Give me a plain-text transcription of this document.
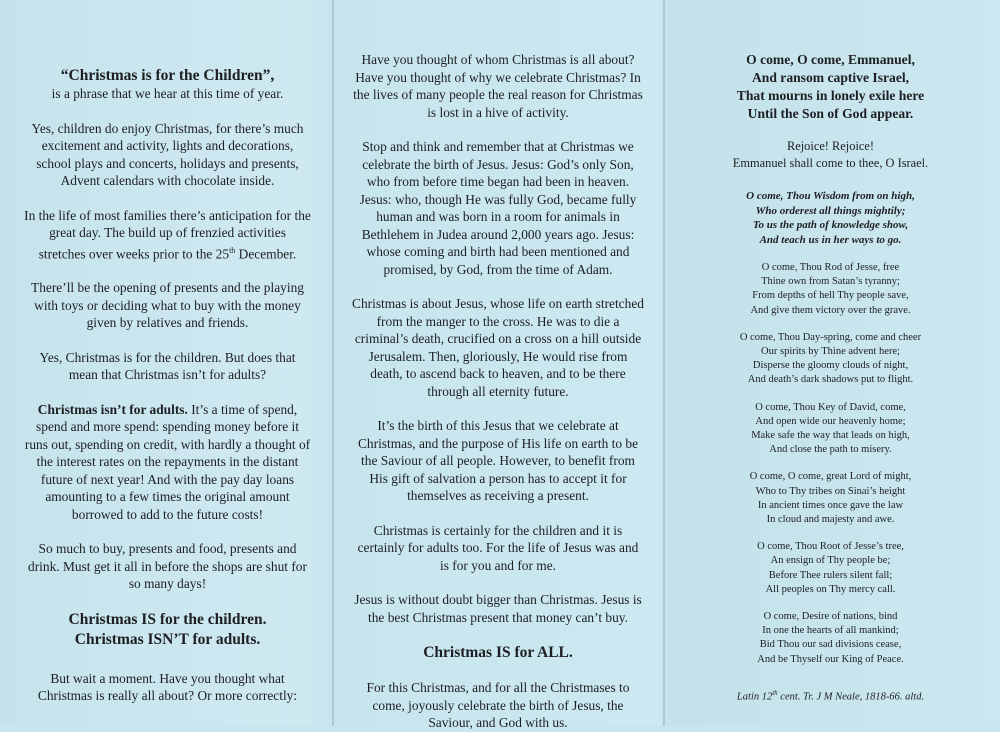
“Christmas is for the Children”,

is a phrase that we hear at this time of year.

Yes, children do enjoy Christmas, for there’s much excitement and activity, lights and decorations, school plays and concerts, holidays and presents, Advent calendars with chocolate inside.

In the life of most families there’s anticipation for the great day. The build up of frenzied activities stretches over weeks prior to the 25th December.

There’ll be the opening of presents and the playing with toys or deciding what to buy with the money given by relatives and friends.

Yes, Christmas is for the children. But does that mean that Christmas isn’t for adults?

Christmas isn’t for adults. It’s a time of spend, spend and more spend: spending money before it runs out, spending on credit, with hardly a thought of the interest rates on the repayments in the distant future of next year! And with the pay day loans amounting to a few times the original amount borrowed to add to the future costs!

So much to buy, presents and food, presents and drink. Must get it all in before the shops are shut for so many days!

Christmas IS for the children.
Christmas ISN’T for adults.

But wait a moment. Have you thought what Christmas is really all about? Or more correctly:

Have you thought of whom Christmas is all about? Have you thought of why we celebrate Christmas? In the lives of many people the real reason for Christmas is lost in a hive of activity.

Stop and think and remember that at Christmas we celebrate the birth of Jesus. Jesus: God’s only Son, who from before time began had been in heaven. Jesus: who, though He was fully God, became fully human and was born in a room for animals in Bethlehem in Judea around 2,000 years ago. Jesus: whose coming and birth had been mentioned and promised, by God, from the time of Adam.

Christmas is about Jesus, whose life on earth stretched from the manger to the cross. He was to die a criminal’s death, crucified on a cross on a hill outside Jerusalem. Then, gloriously, He would rise from death, to ascend back to heaven, and to be there through all eternity future.

It’s the birth of this Jesus that we celebrate at Christmas, and the purpose of His life on earth to be the Saviour of all people. However, to benefit from His gift of salvation a person has to accept it for themselves as receiving a present.

Christmas is certainly for the children and it is certainly for adults too. For the life of Jesus was and is for you and for me.

Jesus is without doubt bigger than Christmas. Jesus is the best Christmas present that money can’t buy.

Christmas IS for ALL.

For this Christmas, and for all the Christmases to come, joyously celebrate the birth of Jesus, the Saviour, and God with us.

O come, O come, Emmanuel,
And ransom captive Israel,
That mourns in lonely exile here
Until the Son of God appear.
Rejoice! Rejoice!
Emmanuel shall come to thee, O Israel.
O come, Thou Wisdom from on high,
Who orderest all things mightily;
To us the path of knowledge show,
And teach us in her ways to go.
O come, Thou Rod of Jesse, free
Thine own from Satan’s tyranny;
From depths of hell Thy people save,
And give them victory over the grave.
O come, Thou Day-spring, come and cheer
Our spirits by Thine advent here;
Disperse the gloomy clouds of night,
And death’s dark shadows put to flight.
O come, Thou Key of David, come,
And open wide our heavenly home;
Make safe the way that leads on high,
And close the path to misery.
O come, O come, great Lord of might,
Who to Thy tribes on Sinai’s height
In ancient times once gave the law
In cloud and majesty and awe.
O come, Thou Root of Jesse’s tree,
An ensign of Thy people be;
Before Thee rulers silent fall;
All peoples on Thy mercy call.
O come, Desire of nations, bind
In one the hearts of all mankind;
Bid Thou our sad divisions cease,
And be Thyself our King of Peace.
Latin 12th cent. Tr. J M Neale, 1818-66. altd.
